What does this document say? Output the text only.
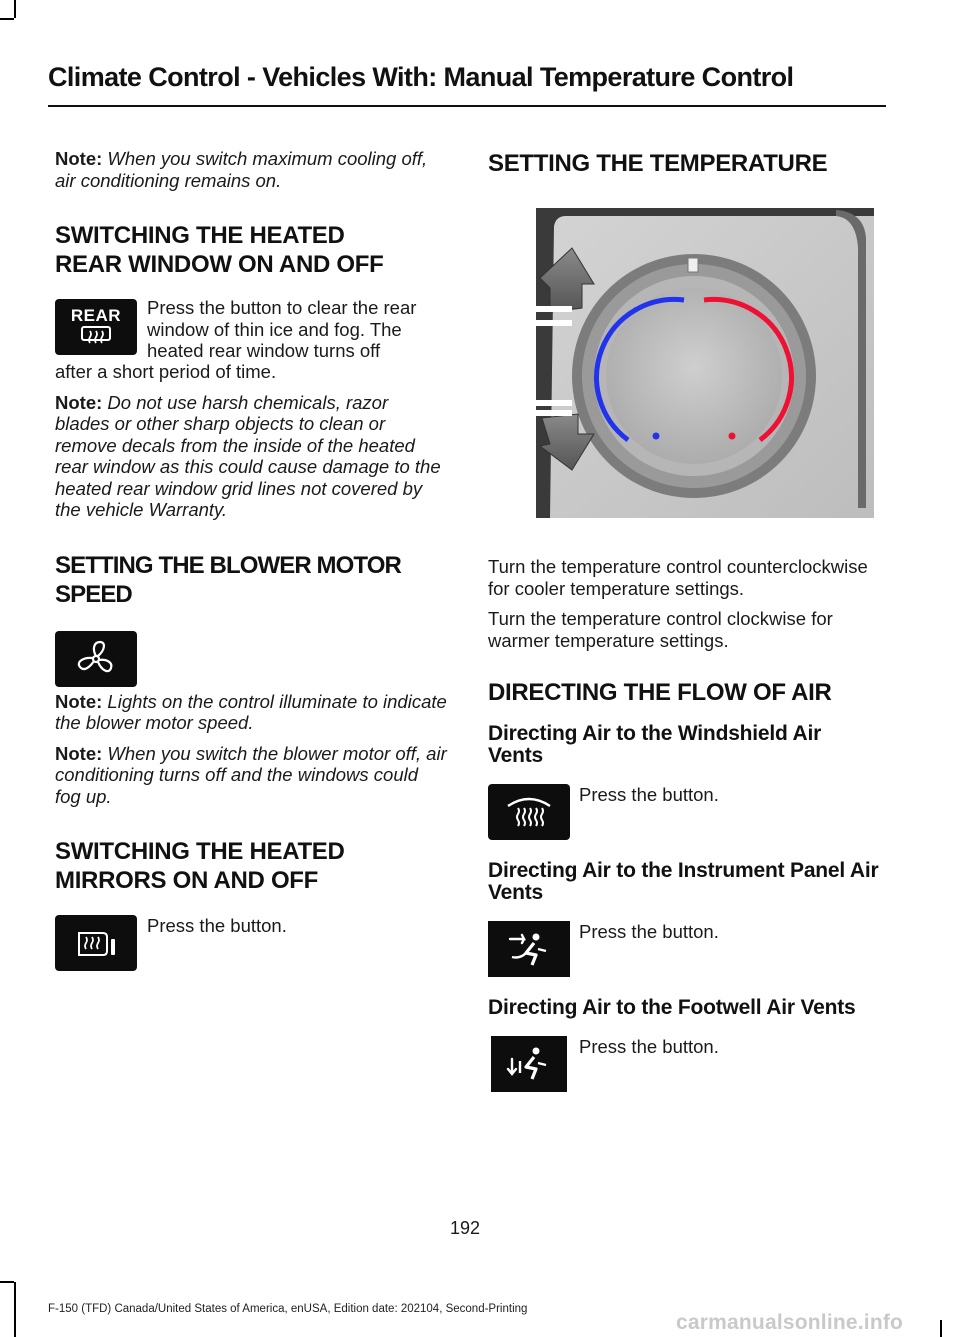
Climate Control - Vehicles With: Manual Temperature Control

Note: When you switch maximum cooling off, air conditioning remains on.

SWITCHING THE HEATED
REAR WINDOW ON AND OFF
REAR Press the button to clear the rear window of thin ice and fog. The heated rear window turns off

after a short period of time.

Note: Do not use harsh chemicals, razor blades or other sharp objects to clean or remove decals from the inside of the heated rear window as this could cause damage to the heated rear window grid lines not covered by the vehicle Warranty.

SETTING THE BLOWER MOTOR
SPEED

Note: Lights on the control illuminate to indicate the blower motor speed.

Note: When you switch the blower motor off, air conditioning turns off and the windows could fog up.

SWITCHING THE HEATED
MIRRORS ON AND OFF

Press the button.

SETTING THE TEMPERATURE

Turn the temperature control counterclockwise for cooler temperature settings.

Turn the temperature control clockwise for warmer temperature settings.

DIRECTING THE FLOW OF AIR
Directing Air to the Windshield Air Vents

Press the button.

Directing Air to the Instrument Panel Air Vents

Press the button.

Directing Air to the Footwell Air Vents

Press the button.

192
F-150 (TFD) Canada/United States of America, enUSA, Edition date: 202104, Second-Printing
carmanualsonline.info
